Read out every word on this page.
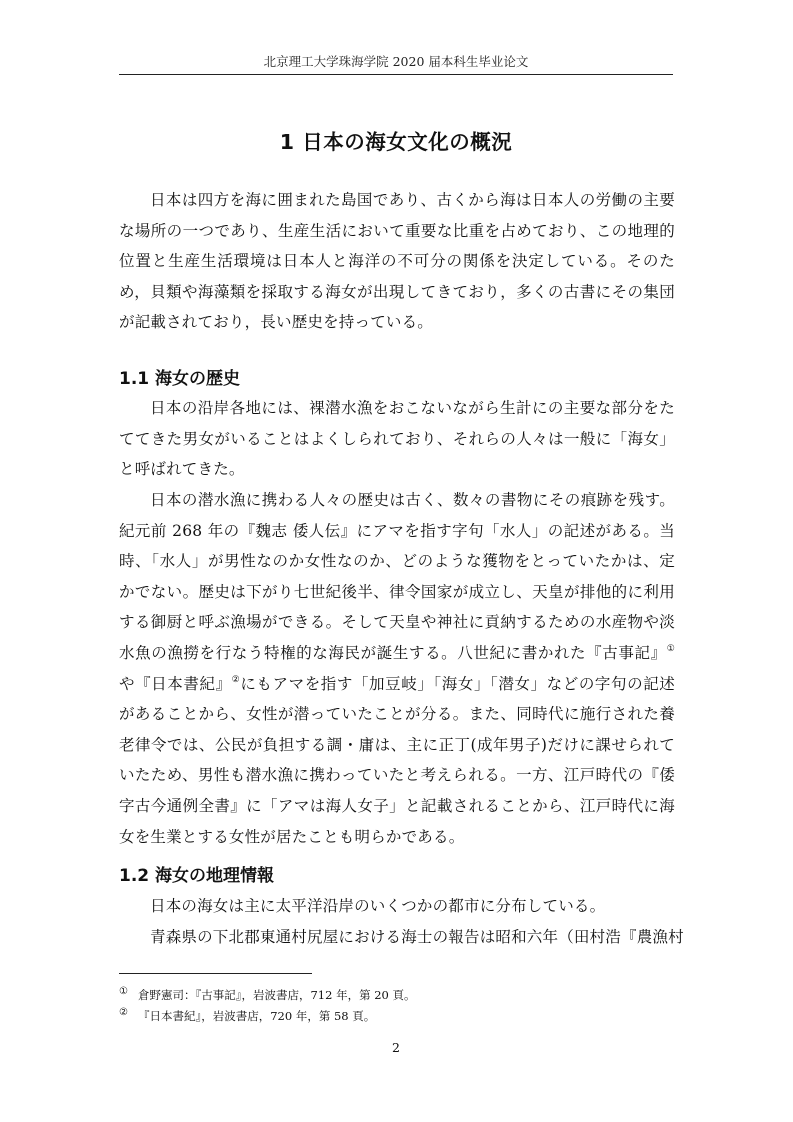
北京理工大学珠海学院 2020 届本科生毕业论文
1 日本の海女文化の概況

日本は四方を海に囲まれた島国であり、古くから海は日本人の労働の主要な場所の一つであり、生産生活において重要な比重を占めており、この地理的位置と生産生活環境は日本人と海洋の不可分の関係を決定している。そのため，貝類や海藻類を採取する海女が出現してきており，多くの古書にその集団が記載されており，長い歴史を持っている。

1.1 海女の歴史

日本の沿岸各地には、裸潜水漁をおこないながら生計にの主要な部分をたててきた男女がいることはよくしられており、それらの人々は一般に「海女」と呼ばれてきた。

日本の潜水漁に携わる人々の歴史は古く、数々の書物にその痕跡を残す。紀元前 268 年の『魏志 倭人伝』にアマを指す字句「水人」の記述がある。当時、「水人」が男性なのか女性なのか、どのような獲物をとっていたかは、定かでない。歴史は下がり七世紀後半、律令国家が成立し、天皇が排他的に利用する御厨と呼ぶ漁場ができる。そして天皇や神社に貢納するための水産物や淡水魚の漁撈を行なう特権的な海民が誕生する。八世紀に書かれた『古事記』①や『日本書紀』②にもアマを指す「加豆岐」「海女」「潜女」などの字句の記述があることから、女性が潜っていたことが分る。また、同時代に施行された養老律令では、公民が負担する調・庸は、主に正丁(成年男子)だけに課せられていたため、男性も潜水漁に携わっていたと考えられる。一方、江戸時代の『倭字古今通例全書』に「アマは海人女子」と記載されることから、江戸時代に海女を生業とする女性が居たことも明らかである。

1.2 海女の地理情報

日本の海女は主に太平洋沿岸のいくつかの都市に分布している。

青森県の下北郡東通村尻屋における海士の報告は昭和六年（田村浩『農漁村

① 倉野憲司：『古事記』，岩波書店，712 年，第 20 頁。
② 『日本書紀』，岩波書店，720 年，第 58 頁。
2
